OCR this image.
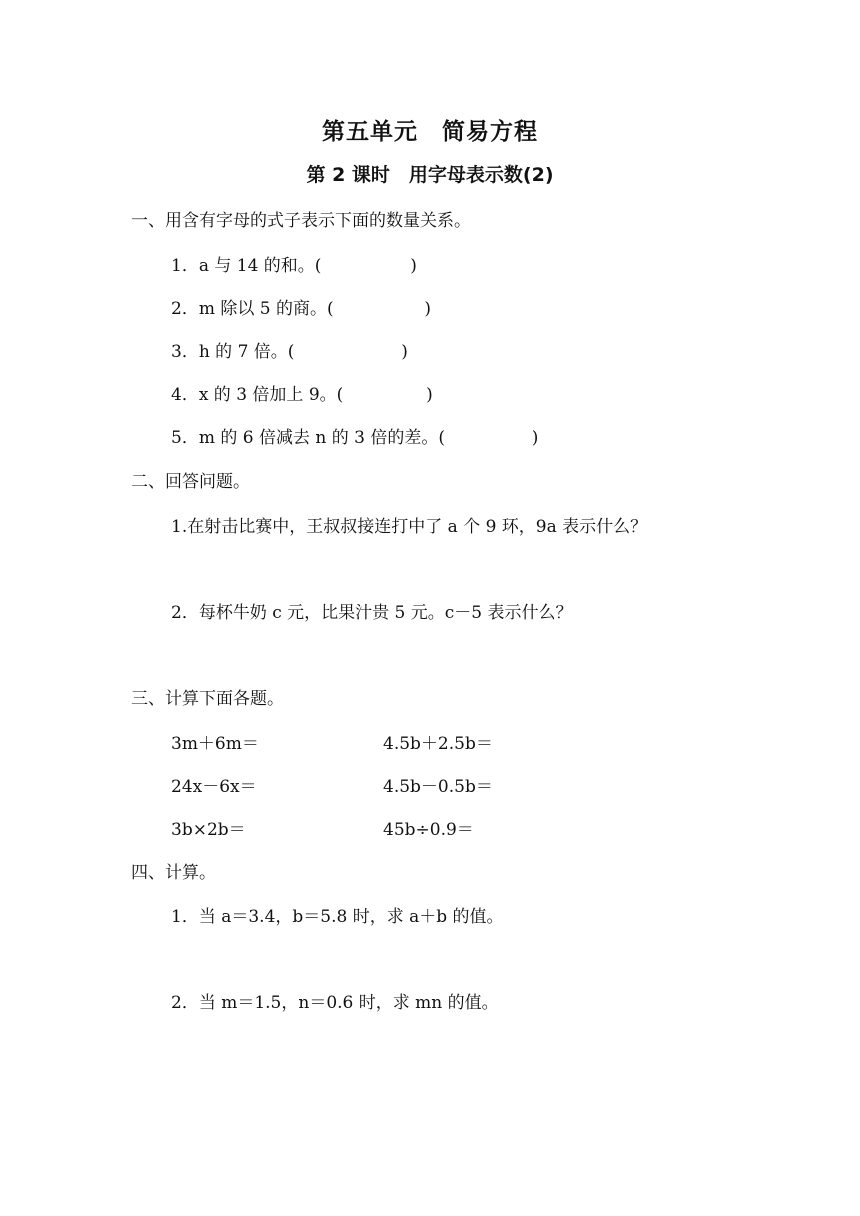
第五单元　简易方程
第 2 课时　用字母表示数(2)
一、用含有字母的式子表示下面的数量关系。
1．a 与 14 的和。(	)
2．m 除以 5 的商。(	)
3．h 的 7 倍。(	)
4．x 的 3 倍加上 9。(	)
5．m 的 6 倍减去 n 的 3 倍的差。(	)
二、回答问题。
1.在射击比赛中，王叔叔接连打中了 a 个 9 环，9a 表示什么？
2．每杯牛奶 c 元，比果汁贵 5 元。c－5 表示什么？
三、计算下面各题。
3m＋6m＝	4.5b＋2.5b＝
24x－6x＝	4.5b－0.5b＝
3b×2b＝	45b÷0.9＝
四、计算。
1．当 a＝3.4，b＝5.8 时，求 a＋b 的值。
2．当 m＝1.5，n＝0.6 时，求 mn 的值。
